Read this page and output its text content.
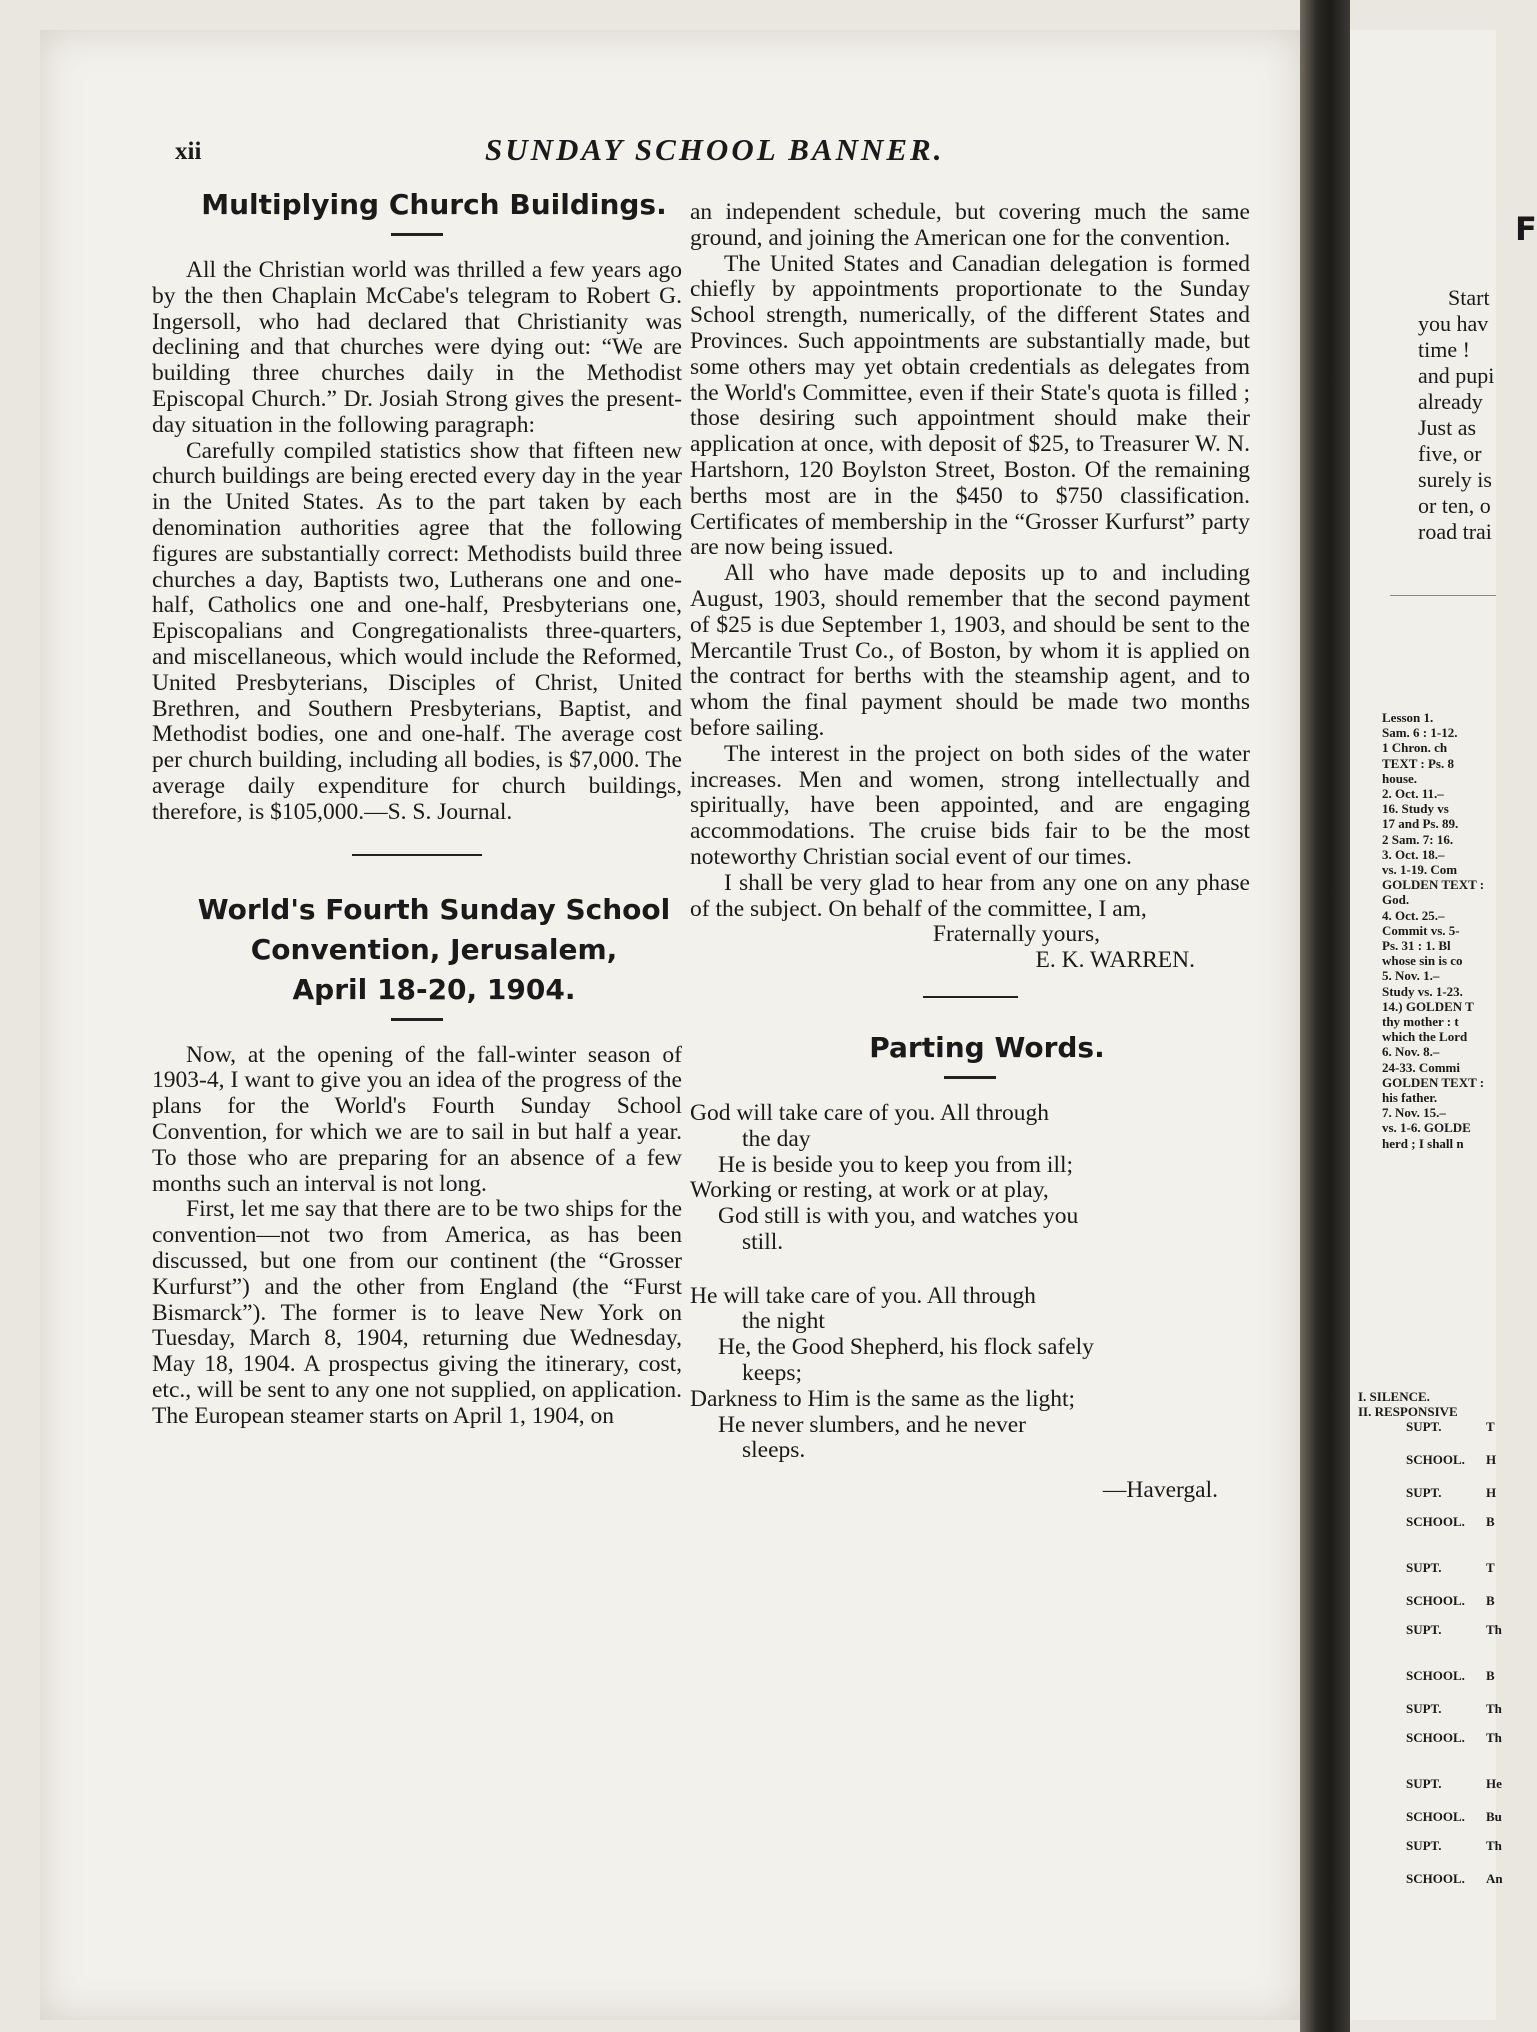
xii	SUNDAY SCHOOL BANNER.

Multiplying Church Buildings.

All the Christian world was thrilled a few years ago by the then Chaplain McCabe's telegram to Robert G. Ingersoll, who had declared that Christianity was declining and that churches were dying out: “We are building three churches daily in the Methodist Episcopal Church.” Dr. Josiah Strong gives the present-day situation in the following paragraph:

Carefully compiled statistics show that fifteen new church buildings are being erected every day in the year in the United States. As to the part taken by each denomination authorities agree that the following figures are substantially correct: Methodists build three churches a day, Baptists two, Lutherans one and one-half, Catholics one and one-half, Presbyterians one, Episcopalians and Congregationalists three-quarters, and miscellaneous, which would include the Reformed, United Presbyterians, Disciples of Christ, United Brethren, and Southern Presbyterians, Baptist, and Methodist bodies, one and one-half. The average cost per church building, including all bodies, is $7,000. The average daily expenditure for church buildings, therefore, is $105,000.—S. S. Journal.

World's Fourth Sunday School

Convention, Jerusalem,

April 18-20, 1904.

Now, at the opening of the fall-winter season of 1903-4, I want to give you an idea of the progress of the plans for the World's Fourth Sunday School Convention, for which we are to sail in but half a year. To those who are preparing for an absence of a few months such an interval is not long.

First, let me say that there are to be two ships for the convention—not two from America, as has been discussed, but one from our continent (the “Grosser Kurfurst”) and the other from England (the “Furst Bismarck”). The former is to leave New York on Tuesday, March 8, 1904, returning due Wednesday, May 18, 1904. A prospectus giving the itinerary, cost, etc., will be sent to any one not supplied, on application. The European steamer starts on April 1, 1904, on

an independent schedule, but covering much the same ground, and joining the American one for the convention.

The United States and Canadian delegation is formed chiefly by appointments proportionate to the Sunday School strength, numerically, of the different States and Provinces. Such appointments are substantially made, but some others may yet obtain credentials as delegates from the World's Committee, even if their State's quota is filled ; those desiring such appointment should make their application at once, with deposit of $25, to Treasurer W. N. Hartshorn, 120 Boylston Street, Boston. Of the remaining berths most are in the $450 to $750 classification. Certificates of membership in the “Grosser Kurfurst” party are now being issued.

All who have made deposits up to and including August, 1903, should remember that the second payment of $25 is due September 1, 1903, and should be sent to the Mercantile Trust Co., of Boston, by whom it is applied on the contract for berths with the steamship agent, and to whom the final payment should be made two months before sailing.

The interest in the project on both sides of the water increases. Men and women, strong intellectually and spiritually, have been appointed, and are engaging accommodations. The cruise bids fair to be the most noteworthy Christian social event of our times.

I shall be very glad to hear from any one on any phase of the subject. On behalf of the committee, I am,

Fraternally yours,

E. K. WARREN.

Parting Words.

God will take care of you. All through
the day
He is beside you to keep you from ill;
Working or resting, at work or at play,
God still is with you, and watches you
still.
He will take care of you. All through
the night
He, the Good Shepherd, his flock safely
keeps;
Darkness to Him is the same as the light;
He never slumbers, and he never
sleeps.
—Havergal.
F
Start
you hav
time !
and pupi
already
Just as
five, or
surely is
or ten, o
road trai
Lesson 1.
Sam. 6 : 1-12.
1 Chron. ch
TEXT : Ps. 8
house.
2. Oct. 11.–
16. Study vs
17 and Ps. 89.
2 Sam. 7: 16.
3. Oct. 18.–
vs. 1-19. Com
GOLDEN TEXT :
God.
4. Oct. 25.–
Commit vs. 5-
Ps. 31 : 1. Bl
whose sin is co
5. Nov. 1.–
Study vs. 1-23.
14.) GOLDEN T
thy mother : t
which the Lord
6. Nov. 8.–
24-33. Commi
GOLDEN TEXT :
his father.
7. Nov. 15.–
vs. 1-6. GOLDE
herd ; I shall n
I. SILENCE.
II. RESPONSIVE
SUPT.	T
SCHOOL. H
SUPT.	H
SCHOOL. B
SUPT.	T
SCHOOL. B
SUPT.	Th
SCHOOL. B
SUPT.	Th
SCHOOL. Th
SUPT.	He
SCHOOL. Bu
SUPT.	Th
SCHOOL. An
